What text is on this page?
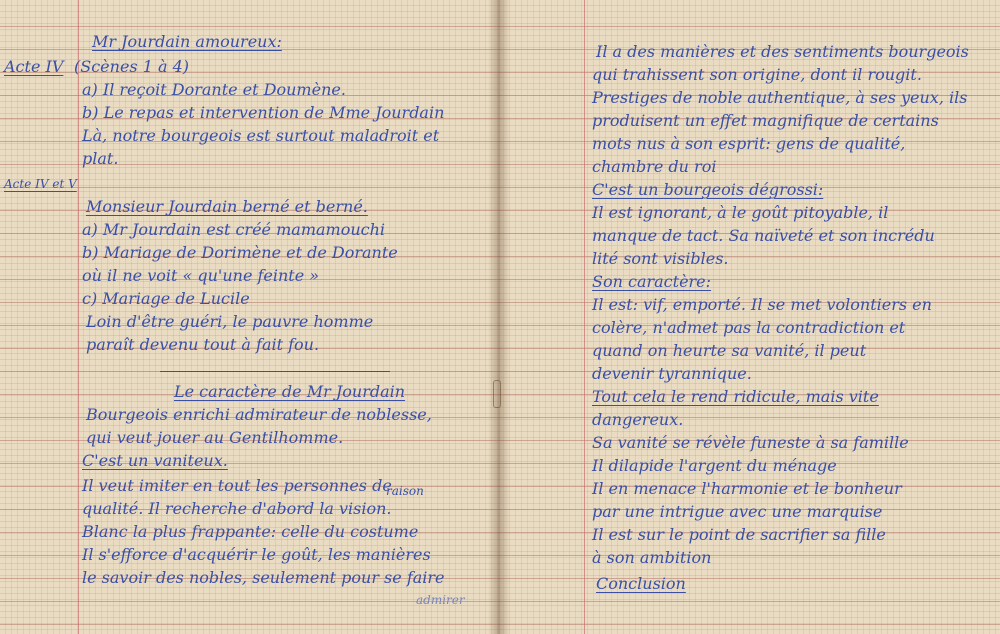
Mr Jourdain amoureux:

Acte IV (Scènes 1 à 4)

a) Il reçoit Dorante et Doumène.

b) Le repas et intervention de Mme Jourdain

Là, notre bourgeois est surtout maladroit et

plat.

Acte IV et V

Monsieur Jourdain berné et berné.

a) Mr Jourdain est créé mamamouchi

b) Mariage de Dorimène et de Dorante

où il ne voit « qu'une feinte »

c) Mariage de Lucile

Loin d'être guéri, le pauvre homme

paraît devenu tout à fait fou.

Le caractère de Mr Jourdain

Bourgeois enrichi admirateur de noblesse,

qui veut jouer au Gentilhomme.

C'est un vaniteux.

Il veut imiter en tout les personnes de

raison

qualité. Il recherche d'abord la vision.

Blanc la plus frappante: celle du costume

Il s'efforce d'acquérir le goût, les manières

le savoir des nobles, seulement pour se faire

admirer

Il a des manières et des sentiments bourgeois

qui trahissent son origine, dont il rougit.

Prestiges de noble authentique, à ses yeux, ils

produisent un effet magnifique de certains

mots nus à son esprit: gens de qualité,

chambre du roi

C'est un bourgeois dégrossi:

Il est ignorant, à le goût pitoyable, il

manque de tact. Sa naïveté et son incrédu

lité sont visibles.

Son caractère:

Il est: vif, emporté. Il se met volontiers en

colère, n'admet pas la contradiction et

quand on heurte sa vanité, il peut

devenir tyrannique.

Tout cela le rend ridicule, mais vite

dangereux.

Sa vanité se révèle funeste à sa famille

Il dilapide l'argent du ménage

Il en menace l'harmonie et le bonheur

par une intrigue avec une marquise

Il est sur le point de sacrifier sa fille

à son ambition

Conclusion
